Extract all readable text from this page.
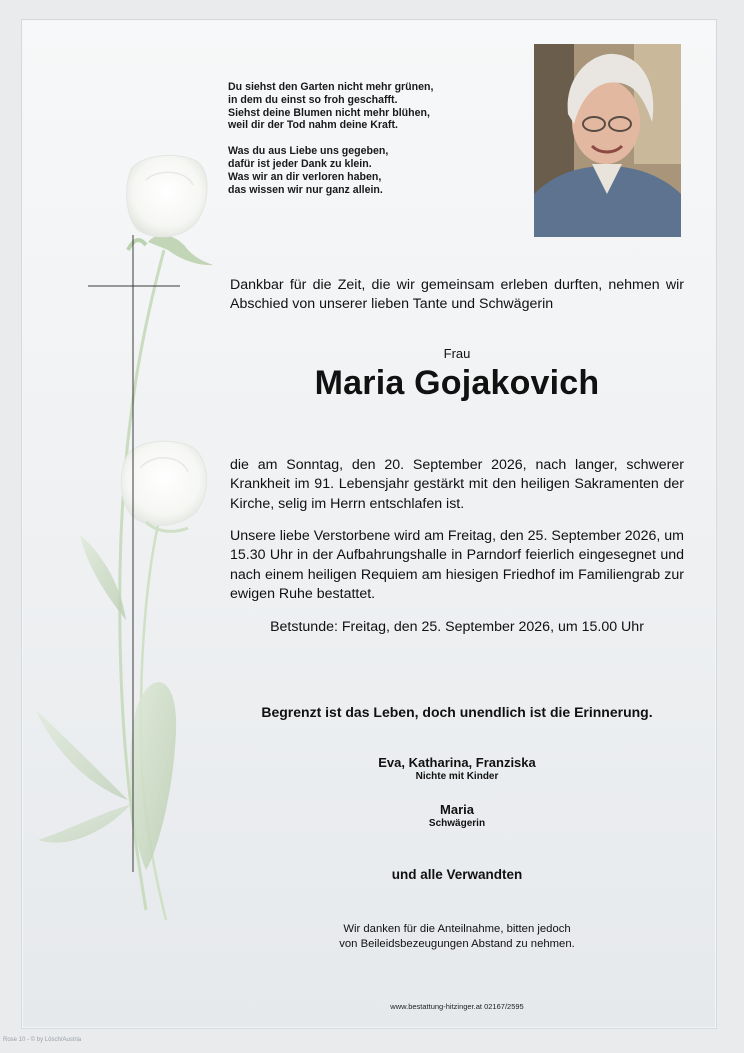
Du siehst den Garten nicht mehr grünen,
in dem du einst so froh geschafft.
Siehst deine Blumen nicht mehr blühen,
weil dir der Tod nahm deine Kraft.

Was du aus Liebe uns gegeben,
dafür ist jeder Dank zu klein.
Was wir an dir verloren haben,
das wissen wir nur ganz allein.

Dankbar für die Zeit, die wir gemeinsam erleben durften, nehmen wir Abschied von unserer lieben Tante und Schwägerin
Frau
Maria Gojakovich

die am Sonntag, den 20. September 2026, nach langer, schwerer Krankheit im 91. Lebensjahr gestärkt mit den heiligen Sakramenten der Kirche, selig im Herrn entschlafen ist.

Unsere liebe Verstorbene wird am Freitag, den 25. September 2026, um 15.30 Uhr in der Aufbahrungshalle in Parndorf feierlich eingesegnet und nach einem heiligen Requiem am hiesigen Friedhof im Familiengrab zur ewigen Ruhe bestattet.

Betstunde: Freitag, den 25. September 2026, um 15.00 Uhr
Begrenzt ist das Leben, doch unendlich ist die Erinnerung.
Eva, Katharina, Franziska
Nichte mit Kinder
Maria
Schwägerin
und alle Verwandten
Wir danken für die Anteilnahme, bitten jedoch
von Beileidsbezeugungen Abstand zu nehmen.
www.bestattung-hitzinger.at 02167/2595
Rose 10 - © by Lösch/Austria
